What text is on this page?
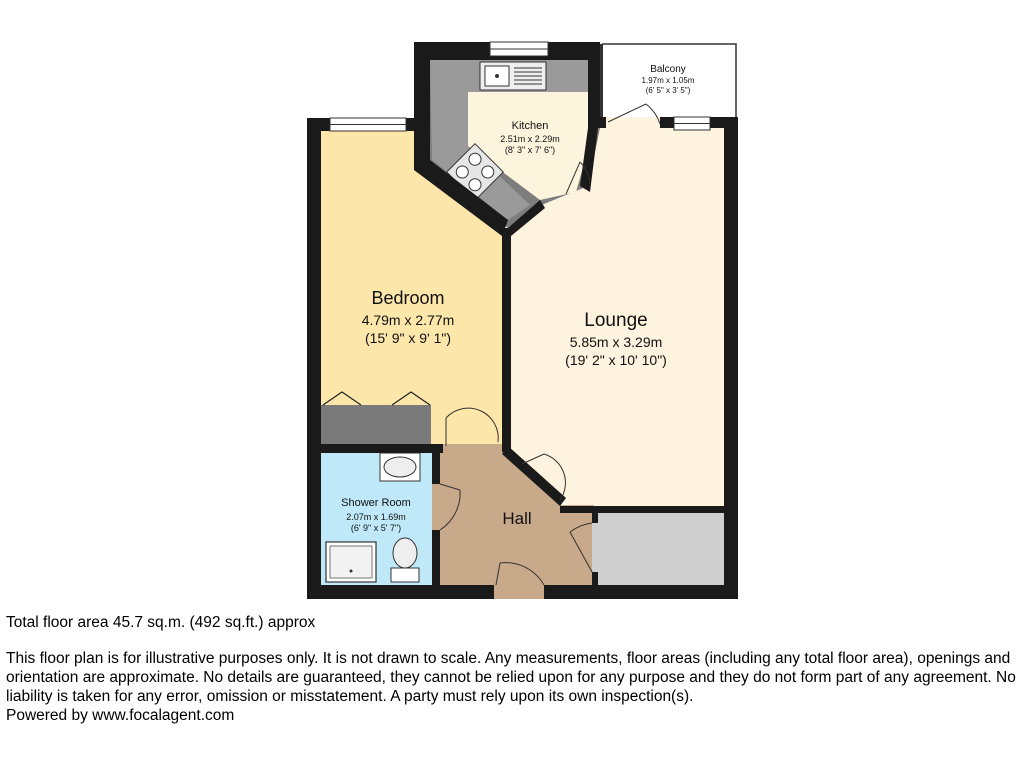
Balcony
1.97m x 1.05m
(6' 5" x 3' 5")
Kitchen
2.51m x 2.29m
(8' 3" x 7' 6")
Bedroom
4.79m x 2.77m
(15' 9" x 9' 1")
Lounge
5.85m x 3.29m
(19' 2" x 10' 10")
Shower Room
2.07m x 1.69m
(6' 9" x 5' 7")	Hall
Total floor area 45.7 sq.m. (492 sq.ft.) approx
This floor plan is for illustrative purposes only. It is not drawn to scale. Any measurements, floor areas (including any total floor area), openings and orientation are approximate. No details are guaranteed, they cannot be relied upon for any purpose and they do not form part of any agreement. No liability is taken for any error, omission or misstatement. A party must rely upon its own inspection(s).
Powered by www.focalagent.com
